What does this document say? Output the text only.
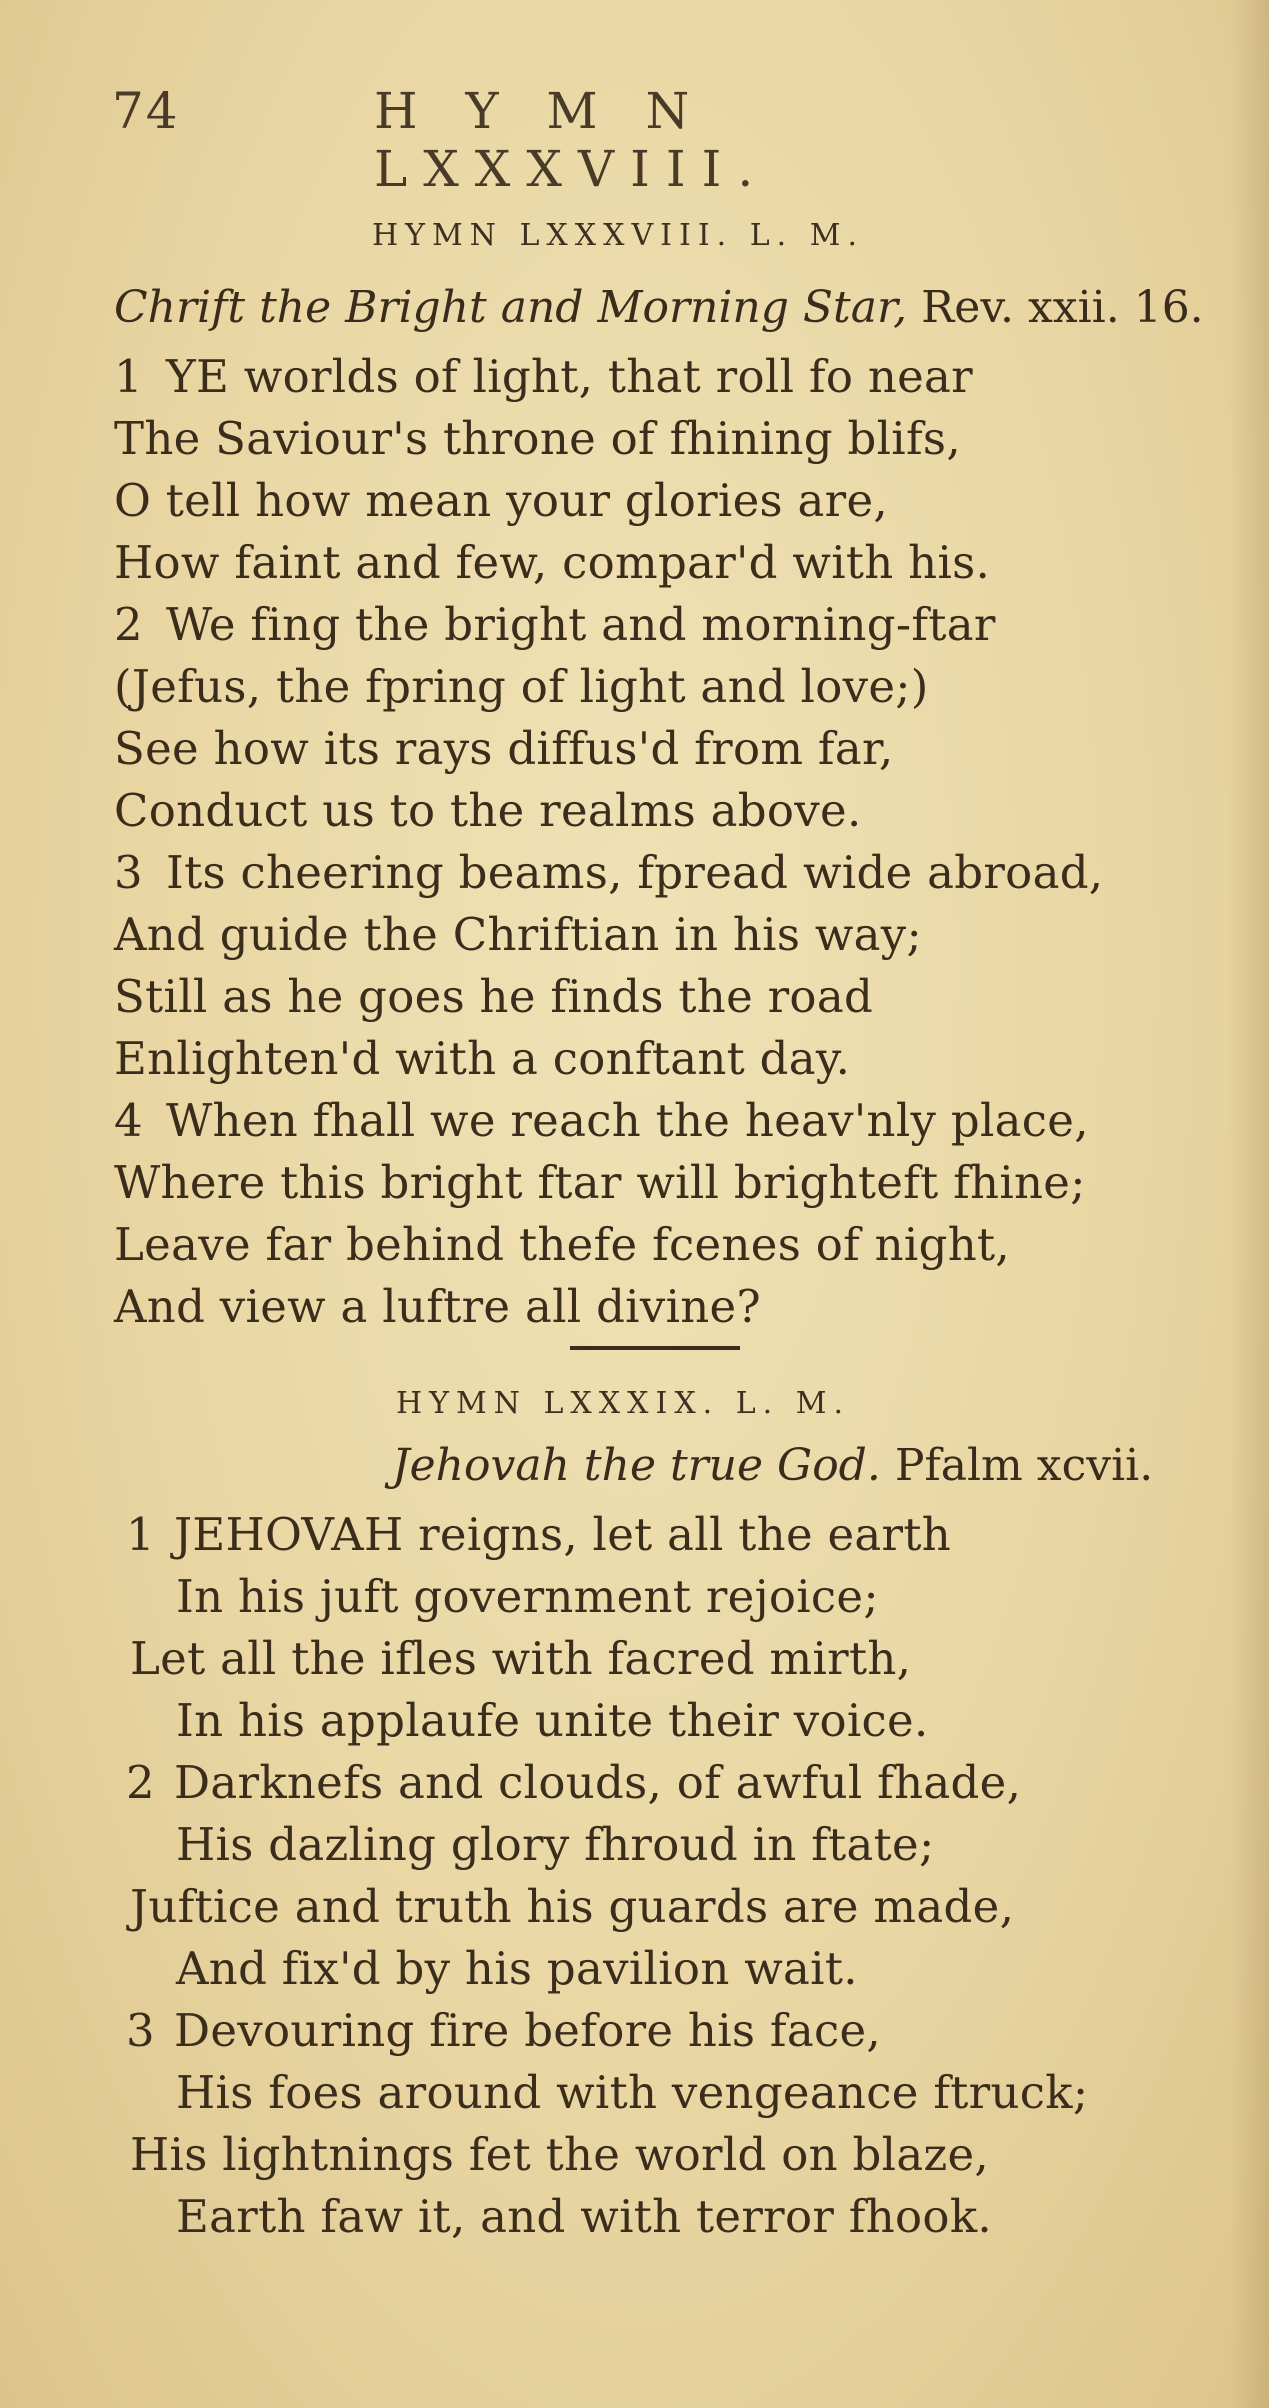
74	H Y M N LXXXVIII.
HYMN LXXXVIII. L. M.
Chrift the Bright and Morning Star, Rev. xxii. 16.
1 YE worlds of light, that roll fo near
The Saviour's throne of fhining blifs,
O tell how mean your glories are,
How faint and few, compar'd with his.
2 We fing the bright and morning-ftar
(Jefus, the fpring of light and love;)
See how its rays diffus'd from far,
Conduct us to the realms above.
3 Its cheering beams, fpread wide abroad,
And guide the Chriftian in his way;
Still as he goes he finds the road
Enlighten'd with a conftant day.
4 When fhall we reach the heav'nly place,
Where this bright ftar will brighteft fhine;
Leave far behind thefe fcenes of night,
And view a luftre all divine?
HYMN LXXXIX. L. M.
Jehovah the true God. Pfalm xcvii.
1 JEHOVAH reigns, let all the earth
In his juft government rejoice;
Let all the ifles with facred mirth,
In his applaufe unite their voice.
2 Darknefs and clouds, of awful fhade,
His dazling glory fhroud in ftate;
Juftice and truth his guards are made,
And fix'd by his pavilion wait.
3 Devouring fire before his face,
His foes around with vengeance ftruck;
His lightnings fet the world on blaze,
Earth faw it, and with terror fhook.
